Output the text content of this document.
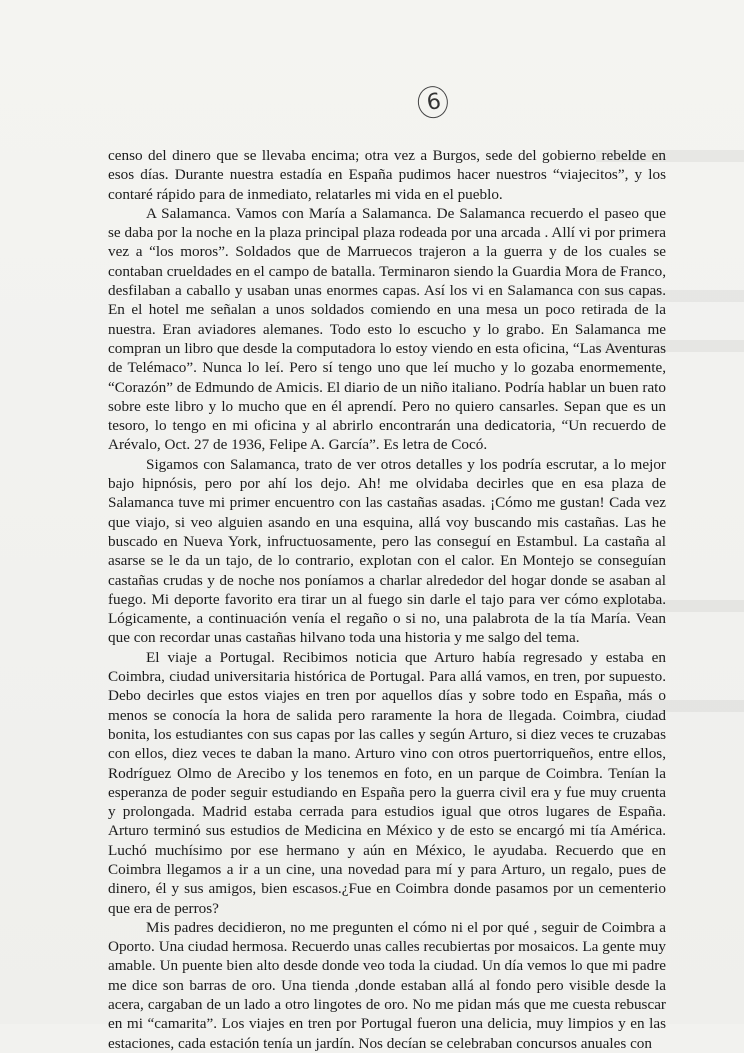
6

censo del dinero que se llevaba encima; otra vez a Burgos, sede del gobierno rebelde en esos días. Durante nuestra estadía en España pudimos hacer nuestros “viajecitos”, y los contaré rápido para de inmediato, relatarles mi vida en el pueblo.

A Salamanca. Vamos con María a Salamanca. De Salamanca recuerdo el paseo que se daba por la noche en la plaza principal plaza rodeada por una arcada . Allí vi por primera vez a “los moros”. Soldados que de Marruecos trajeron a la guerra y de los cuales se contaban crueldades en el campo de batalla. Terminaron siendo la Guardia Mora de Franco, desfilaban a caballo y usaban unas enormes capas. Así los vi en Salamanca con sus capas. En el hotel me señalan a unos soldados comiendo en una mesa un poco retirada de la nuestra. Eran aviadores alemanes. Todo esto lo escucho y lo grabo. En Salamanca me compran un libro que desde la computadora lo estoy viendo en esta oficina, “Las Aventuras de Telémaco”. Nunca lo leí. Pero sí tengo uno que leí mucho y lo gozaba enormemente, “Corazón” de Edmundo de Amicis. El diario de un niño italiano. Podría hablar un buen rato sobre este libro y lo mucho que en él aprendí. Pero no quiero cansarles. Sepan que es un tesoro, lo tengo en mi oficina y al abrirlo encontrarán una dedicatoria, “Un recuerdo de Arévalo, Oct. 27 de 1936, Felipe A. García”. Es letra de Cocó.

Sigamos con Salamanca, trato de ver otros detalles y los podría escrutar, a lo mejor bajo hipnósis, pero por ahí los dejo. Ah! me olvidaba decirles que en esa plaza de Salamanca tuve mi primer encuentro con las castañas asadas. ¡Cómo me gustan! Cada vez que viajo, si veo alguien asando en una esquina, allá voy buscando mis castañas. Las he buscado en Nueva York, infructuosamente, pero las conseguí en Estambul. La castaña al asarse se le da un tajo, de lo contrario, explotan con el calor. En Montejo se conseguían castañas crudas y de noche nos poníamos a charlar alrededor del hogar donde se asaban al fuego. Mi deporte favorito era tirar un al fuego sin darle el tajo para ver cómo explotaba. Lógicamente, a continuación venía el regaño o si no, una palabrota de la tía María. Vean que con recordar unas castañas hilvano toda una historia y me salgo del tema.

El viaje a Portugal. Recibimos noticia que Arturo había regresado y estaba en Coimbra, ciudad universitaria histórica de Portugal. Para allá vamos, en tren, por supuesto. Debo decirles que estos viajes en tren por aquellos días y sobre todo en España, más o menos se conocía la hora de salida pero raramente la hora de llegada. Coimbra, ciudad bonita, los estudiantes con sus capas por las calles y según Arturo, si diez veces te cruzabas con ellos, diez veces te daban la mano. Arturo vino con otros puertorriqueños, entre ellos, Rodríguez Olmo de Arecibo y los tenemos en foto, en un parque de Coimbra. Tenían la esperanza de poder seguir estudiando en España pero la guerra civil era y fue muy cruenta y prolongada. Madrid estaba cerrada para estudios igual que otros lugares de España. Arturo terminó sus estudios de Medicina en México y de esto se encargó mi tía América. Luchó muchísimo por ese hermano y aún en México, le ayudaba. Recuerdo que en Coimbra llegamos a ir a un cine, una novedad para mí y para Arturo, un regalo, pues de dinero, él y sus amigos, bien escasos.¿Fue en Coimbra donde pasamos por un cementerio que era de perros?

Mis padres decidieron, no me pregunten el cómo ni el por qué , seguir de Coimbra a Oporto. Una ciudad hermosa. Recuerdo unas calles recubiertas por mosaicos. La gente muy amable. Un puente bien alto desde donde veo toda la ciudad. Un día vemos lo que mi padre me dice son barras de oro. Una tienda ,donde estaban allá al fondo pero visible desde la acera, cargaban de un lado a otro lingotes de oro. No me pidan más que me cuesta rebuscar en mi “camarita”. Los viajes en tren por Portugal fueron una delicia, muy limpios y en las estaciones, cada estación tenía un jardín. Nos decían se celebraban concursos anuales con
